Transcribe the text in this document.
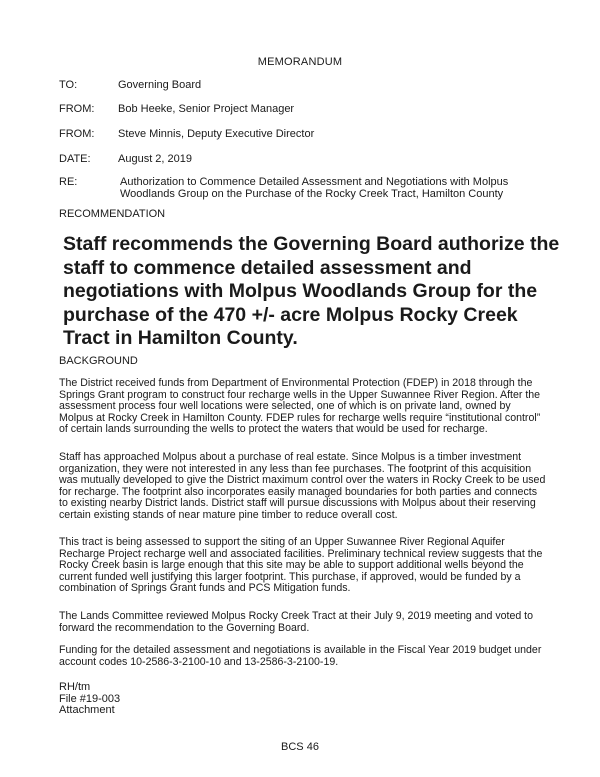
MEMORANDUM
TO:	Governing Board
FROM:	Bob Heeke, Senior Project Manager
FROM:	Steve Minnis, Deputy Executive Director
DATE:	August 2, 2019
RE:	Authorization to Commence Detailed Assessment and Negotiations with Molpus Woodlands Group on the Purchase of the Rocky Creek Tract, Hamilton County
RECOMMENDATION
Staff recommends the Governing Board authorize the staff to commence detailed assessment and negotiations with Molpus Woodlands Group for the purchase of the 470 +/- acre Molpus Rocky Creek Tract in Hamilton County.
BACKGROUND
The District received funds from Department of Environmental Protection (FDEP) in 2018 through the Springs Grant program to construct four recharge wells in the Upper Suwannee River Region. After the assessment process four well locations were selected, one of which is on private land, owned by Molpus at Rocky Creek in Hamilton County. FDEP rules for recharge wells require “institutional control” of certain lands surrounding the wells to protect the waters that would be used for recharge.
Staff has approached Molpus about a purchase of real estate. Since Molpus is a timber investment organization, they were not interested in any less than fee purchases. The footprint of this acquisition was mutually developed to give the District maximum control over the waters in Rocky Creek to be used for recharge. The footprint also incorporates easily managed boundaries for both parties and connects to existing nearby District lands. District staff will pursue discussions with Molpus about their reserving certain existing stands of near mature pine timber to reduce overall cost.
This tract is being assessed to support the siting of an Upper Suwannee River Regional Aquifer Recharge Project recharge well and associated facilities. Preliminary technical review suggests that the Rocky Creek basin is large enough that this site may be able to support additional wells beyond the current funded well justifying this larger footprint. This purchase, if approved, would be funded by a combination of Springs Grant funds and PCS Mitigation funds.
The Lands Committee reviewed Molpus Rocky Creek Tract at their July 9, 2019 meeting and voted to forward the recommendation to the Governing Board.
Funding for the detailed assessment and negotiations is available in the Fiscal Year 2019 budget under account codes 10-2586-3-2100-10 and 13-2586-3-2100-19.
RH/tm
File #19-003
Attachment
BCS 46
